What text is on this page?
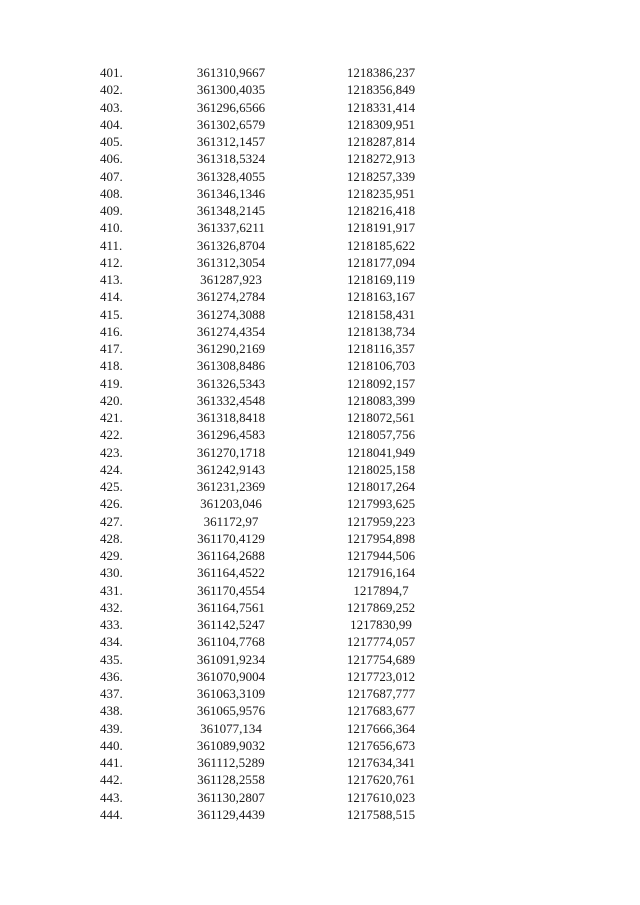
401.	361310,9667	1218386,237
402.	361300,4035	1218356,849
403.	361296,6566	1218331,414
404.	361302,6579	1218309,951
405.	361312,1457	1218287,814
406.	361318,5324	1218272,913
407.	361328,4055	1218257,339
408.	361346,1346	1218235,951
409.	361348,2145	1218216,418
410.	361337,6211	1218191,917
411.	361326,8704	1218185,622
412.	361312,3054	1218177,094
413.	361287,923	1218169,119
414.	361274,2784	1218163,167
415.	361274,3088	1218158,431
416.	361274,4354	1218138,734
417.	361290,2169	1218116,357
418.	361308,8486	1218106,703
419.	361326,5343	1218092,157
420.	361332,4548	1218083,399
421.	361318,8418	1218072,561
422.	361296,4583	1218057,756
423.	361270,1718	1218041,949
424.	361242,9143	1218025,158
425.	361231,2369	1218017,264
426.	361203,046	1217993,625
427.	361172,97	1217959,223
428.	361170,4129	1217954,898
429.	361164,2688	1217944,506
430.	361164,4522	1217916,164
431.	361170,4554	1217894,7
432.	361164,7561	1217869,252
433.	361142,5247	1217830,99
434.	361104,7768	1217774,057
435.	361091,9234	1217754,689
436.	361070,9004	1217723,012
437.	361063,3109	1217687,777
438.	361065,9576	1217683,677
439.	361077,134	1217666,364
440.	361089,9032	1217656,673
441.	361112,5289	1217634,341
442.	361128,2558	1217620,761
443.	361130,2807	1217610,023
444.	361129,4439	1217588,515
